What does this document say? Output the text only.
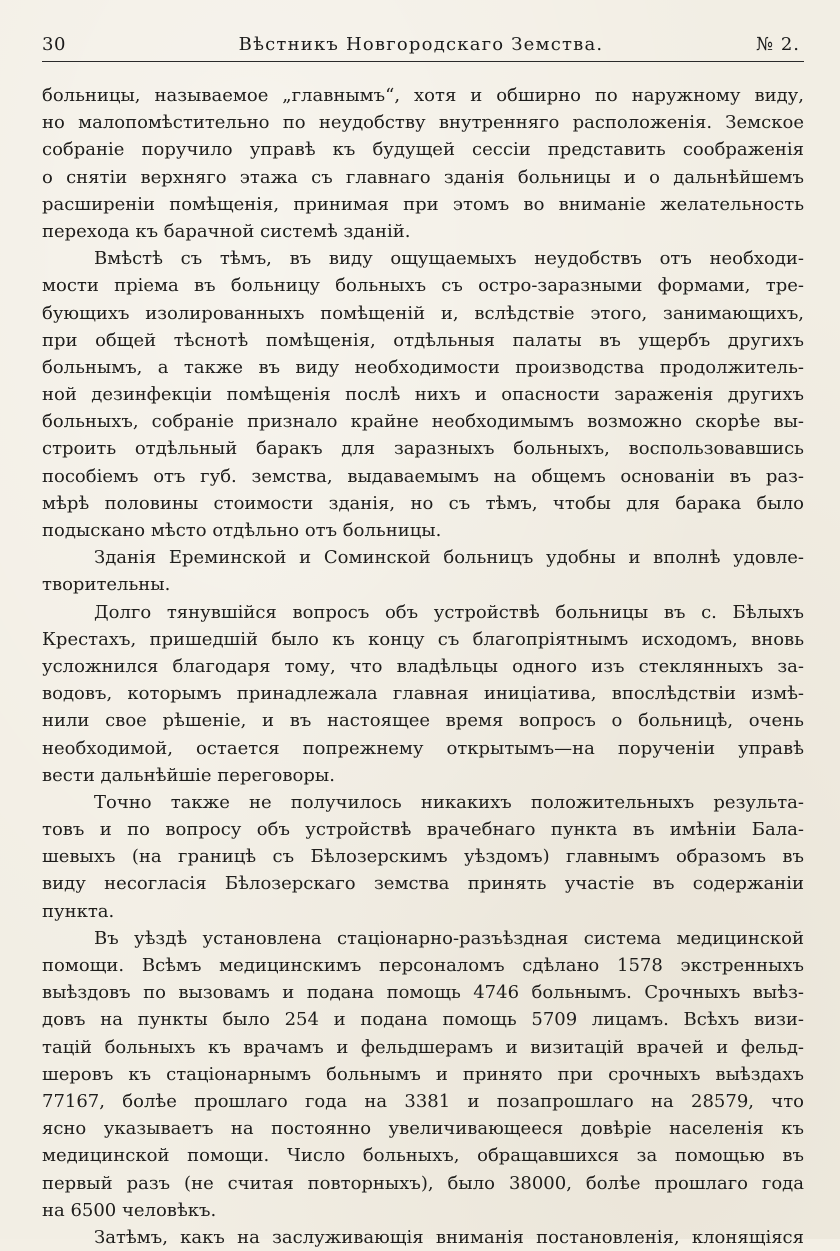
30	Вѣстникъ Новгородскаго Земства.	№ 2.
больницы, называемое „главнымъ“, хотя и обширно по наружному виду,
но малопомѣстительно по неудобству внутренняго расположенія. Земское
собраніе поручило управѣ къ будущей сессіи представить соображенія
о снятіи верхняго этажа съ главнаго зданія больницы и о дальнѣйшемъ
расширеніи помѣщенія, принимая при этомъ во вниманіе желательность
перехода къ барачной системѣ зданій.
Вмѣстѣ съ тѣмъ, въ виду ощущаемыхъ неудобствъ отъ необходи-
мости пріема въ больницу больныхъ съ остро-заразными формами, тре-
бующихъ изолированныхъ помѣщеній и, вслѣдствіе этого, занимающихъ,
при общей тѣснотѣ помѣщенія, отдѣльныя палаты въ ущербъ другихъ
больнымъ, а также въ виду необходимости производства продолжитель-
ной дезинфекціи помѣщенія послѣ нихъ и опасности зараженія другихъ
больныхъ, собраніе признало крайне необходимымъ возможно скорѣе вы-
строить отдѣльный баракъ для заразныхъ больныхъ, воспользовавшись
пособіемъ отъ губ. земства, выдаваемымъ на общемъ основаніи въ раз-
мѣрѣ половины стоимости зданія, но съ тѣмъ, чтобы для барака было
подыскано мѣсто отдѣльно отъ больницы.
Зданія Ереминской и Соминской больницъ удобны и вполнѣ удовле-
творительны.
Долго тянувшійся вопросъ объ устройствѣ больницы въ с. Бѣлыхъ
Крестахъ, пришедшій было къ концу съ благопріятнымъ исходомъ, вновь
усложнился благодаря тому, что владѣльцы одного изъ стеклянныхъ за-
водовъ, которымъ принадлежала главная иниціатива, впослѣдствіи измѣ-
нили свое рѣшеніе, и въ настоящее время вопросъ о больницѣ, очень
необходимой, остается попрежнему открытымъ—на порученіи управѣ
вести дальнѣйшіе переговоры.
Точно также не получилось никакихъ положительныхъ результа-
товъ и по вопросу объ устройствѣ врачебнаго пункта въ имѣніи Бала-
шевыхъ (на границѣ съ Бѣлозерскимъ уѣздомъ) главнымъ образомъ въ
виду несогласія Бѣлозерскаго земства принять участіе въ содержаніи
пункта.
Въ уѣздѣ установлена стаціонарно-разъѣздная система медицинской
помощи. Всѣмъ медицинскимъ персоналомъ сдѣлано 1578 экстренныхъ
выѣздовъ по вызовамъ и подана помощь 4746 больнымъ. Срочныхъ выѣз-
довъ на пункты было 254 и подана помощь 5709 лицамъ. Всѣхъ визи-
тацій больныхъ къ врачамъ и фельдшерамъ и визитацій врачей и фельд-
шеровъ къ стаціонарнымъ больнымъ и принято при срочныхъ выѣздахъ
77167, болѣе прошлаго года на 3381 и позапрошлаго на 28579, что
ясно указываетъ на постоянно увеличивающееся довѣріе населенія къ
медицинской помощи. Число больныхъ, обращавшихся за помощью въ
первый разъ (не считая повторныхъ), было 38000, болѣе прошлаго года
на 6500 человѣкъ.
Затѣмъ, какъ на заслуживающія вниманія постановленія, клонящіяся
